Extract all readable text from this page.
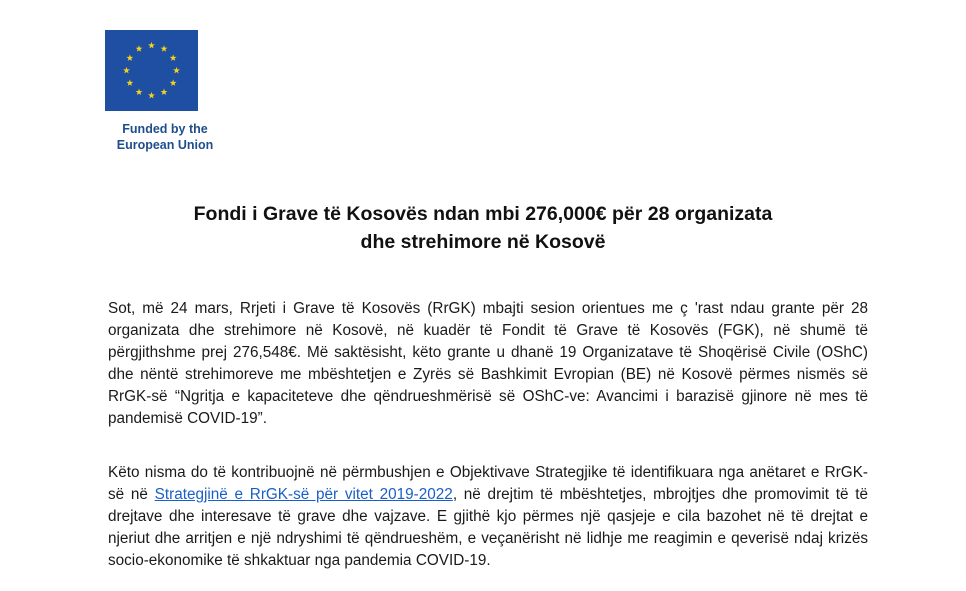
Funded by the
European Union
Fondi i Grave të Kosovës ndan mbi 276,000€ për 28 organizata
dhe strehimore në Kosovë
Sot, më 24 mars, Rrjeti i Grave të Kosovës (RrGK) mbajti sesion orientues me ç 'rast ndau grante për 28 organizata dhe strehimore në Kosovë, në kuadër të Fondit të Grave të Kosovës (FGK), në shumë të përgjithshme prej 276,548€. Më saktësisht, këto grante u dhanë 19 Organizatave të Shoqërisë Civile (OShC) dhe nëntë strehimoreve me mbështetjen e Zyrës së Bashkimit Evropian (BE) në Kosovë përmes nismës së RrGK-së “Ngritja e kapaciteteve dhe qëndrueshmërisë së OShC-ve: Avancimi i barazisë gjinore në mes të pandemisë COVID-19”.
Këto nisma do të kontribuojnë në përmbushjen e Objektivave Strategjike të identifikuara nga anëtaret e RrGK-së në Strategjinë e RrGK-së për vitet 2019-2022, në drejtim të mbështetjes, mbrojtjes dhe promovimit të të drejtave dhe interesave të grave dhe vajzave. E gjithë kjo përmes një qasjeje e cila bazohet në të drejtat e njeriut dhe arritjen e një ndryshimi të qëndrueshëm, e veçanërisht në lidhje me reagimin e qeverisë ndaj krizës socio-ekonomike të shkaktuar nga pandemia COVID-19.
